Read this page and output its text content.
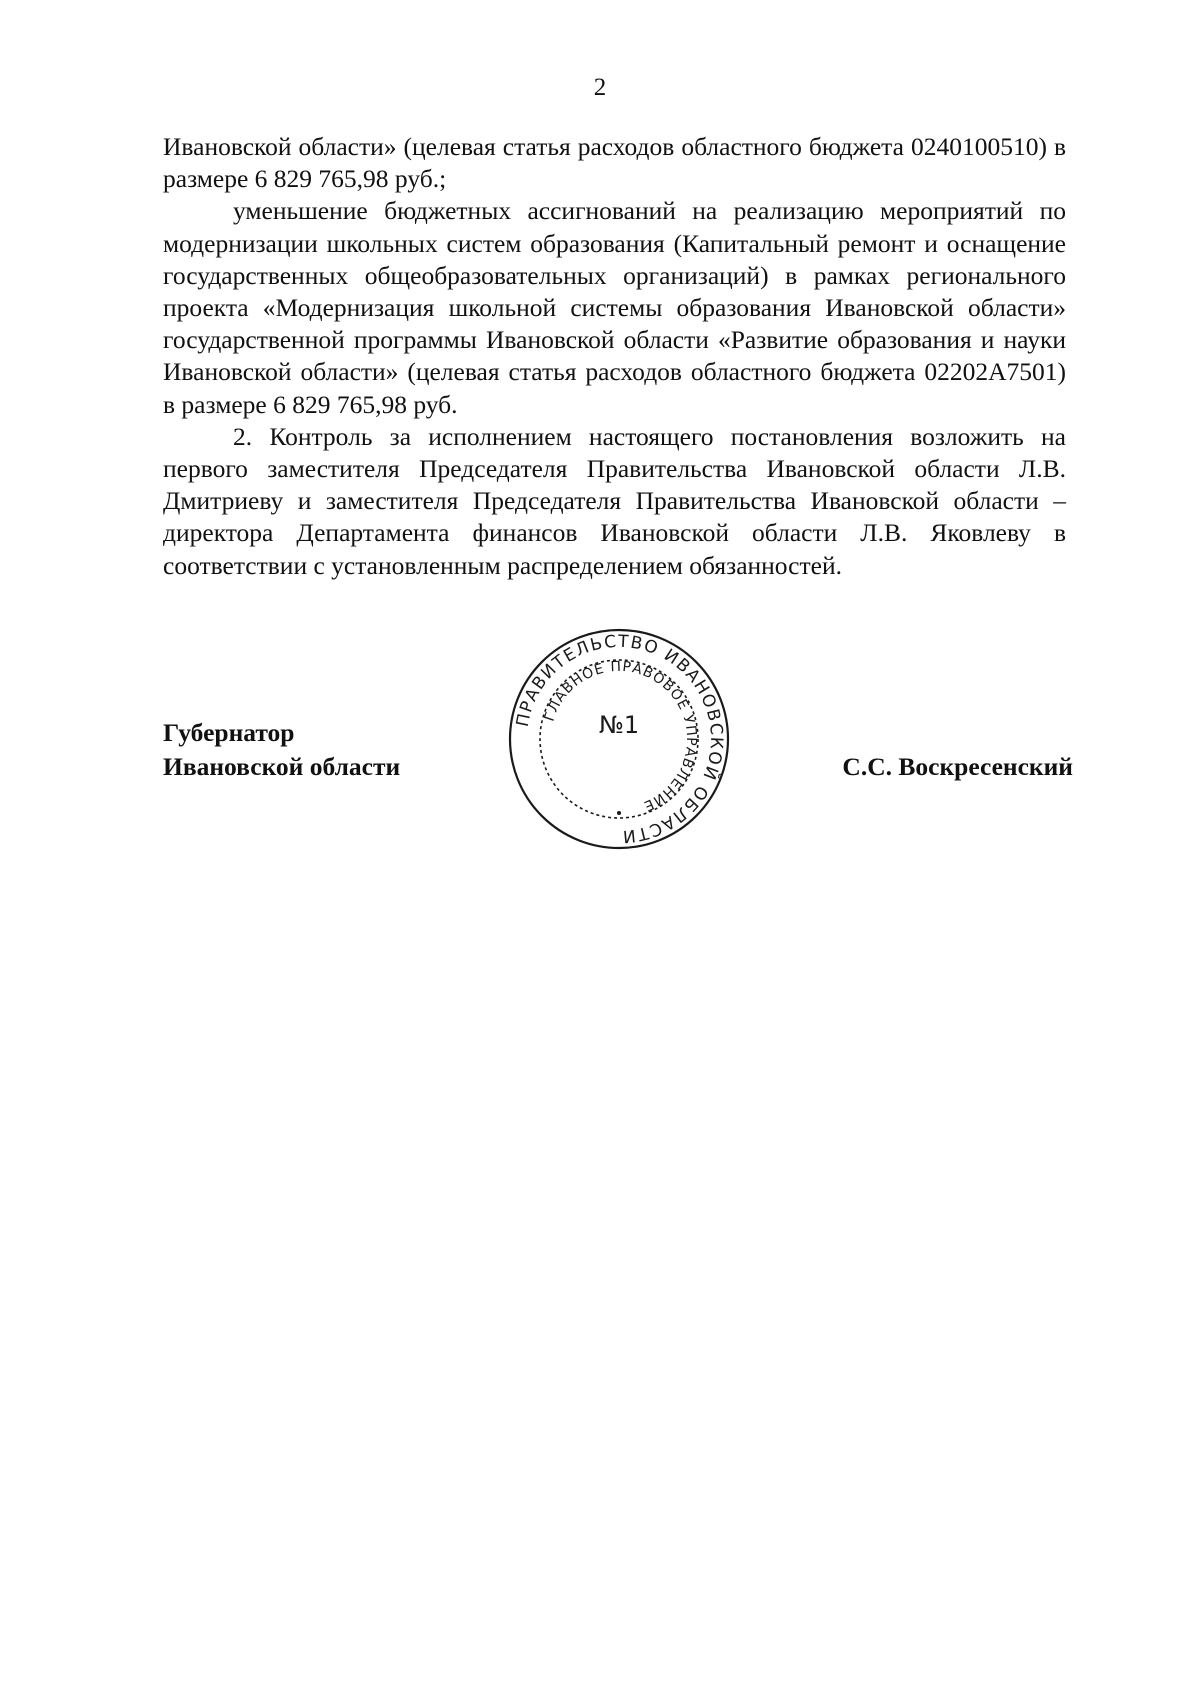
2

Ивановской области» (целевая статья расходов областного бюджета 0240100510) в размере 6 829 765,98 руб.;

уменьшение бюджетных ассигнований на реализацию мероприятий по модернизации школьных систем образования (Капитальный ремонт и оснащение государственных общеобразовательных организаций) в рамках регионального проекта «Модернизация школьной системы образования Ивановской области» государственной программы Ивановской области «Развитие образования и науки Ивановской области» (целевая статья расходов областного бюджета 02202A7501) в размере 6 829 765,98 руб.

2. Контроль за исполнением настоящего постановления возложить на первого заместителя Председателя Правительства Ивановской области Л.В. Дмитриеву и заместителя Председателя Правительства Ивановской области – директора Департамента финансов Ивановской области Л.В. Яковлеву в соответствии с установленным распределением обязанностей.

Губернатор
Ивановской области	С.С. Воскресенский
ПРАВИТЕЛЬСТВО ИВАНОВСКОЙ ОБЛАСТИ
ГЛАВНОЕ ПРАВОВОЕ УПРАВЛЕНИЕ
№1
